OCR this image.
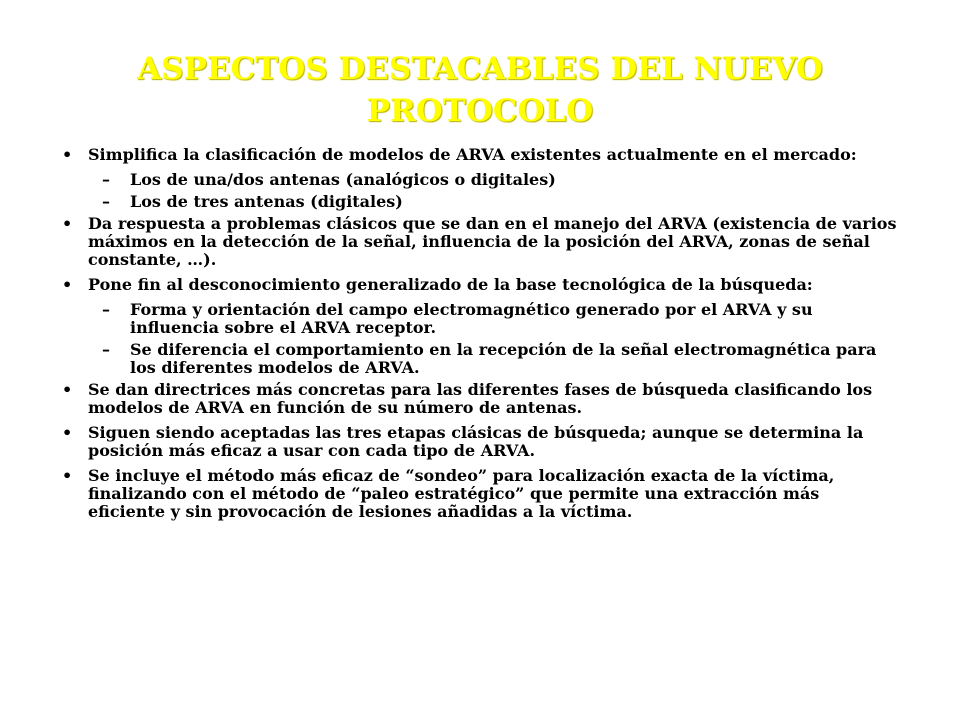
ASPECTOS DESTACABLES DEL NUEVO PROTOCOLO
• Simplifica la clasificación de modelos de ARVA existentes actualmente en el mercado:
– Los de una/dos antenas (analógicos o digitales)
– Los de tres antenas (digitales)
• Da respuesta a problemas clásicos que se dan en el manejo del ARVA (existencia de varios máximos en la detección de la señal, influencia de la posición del ARVA, zonas de señal constante, …).
• Pone fin al desconocimiento generalizado de la base tecnológica de la búsqueda:
– Forma y orientación del campo electromagnético generado por el ARVA y su influencia sobre el ARVA receptor.
– Se diferencia el comportamiento en la recepción de la señal electromagnética para los diferentes modelos de ARVA.
• Se dan directrices más concretas para las diferentes fases de búsqueda clasificando los modelos de ARVA en función de su número de antenas.
• Siguen siendo aceptadas las tres etapas clásicas de búsqueda; aunque se determina la posición más eficaz a usar con cada tipo de ARVA.
• Se incluye el método más eficaz de “sondeo” para localización exacta de la víctima, finalizando con el método de “paleo estratégico” que permite una extracción más eficiente y sin provocación de lesiones añadidas a la víctima.
